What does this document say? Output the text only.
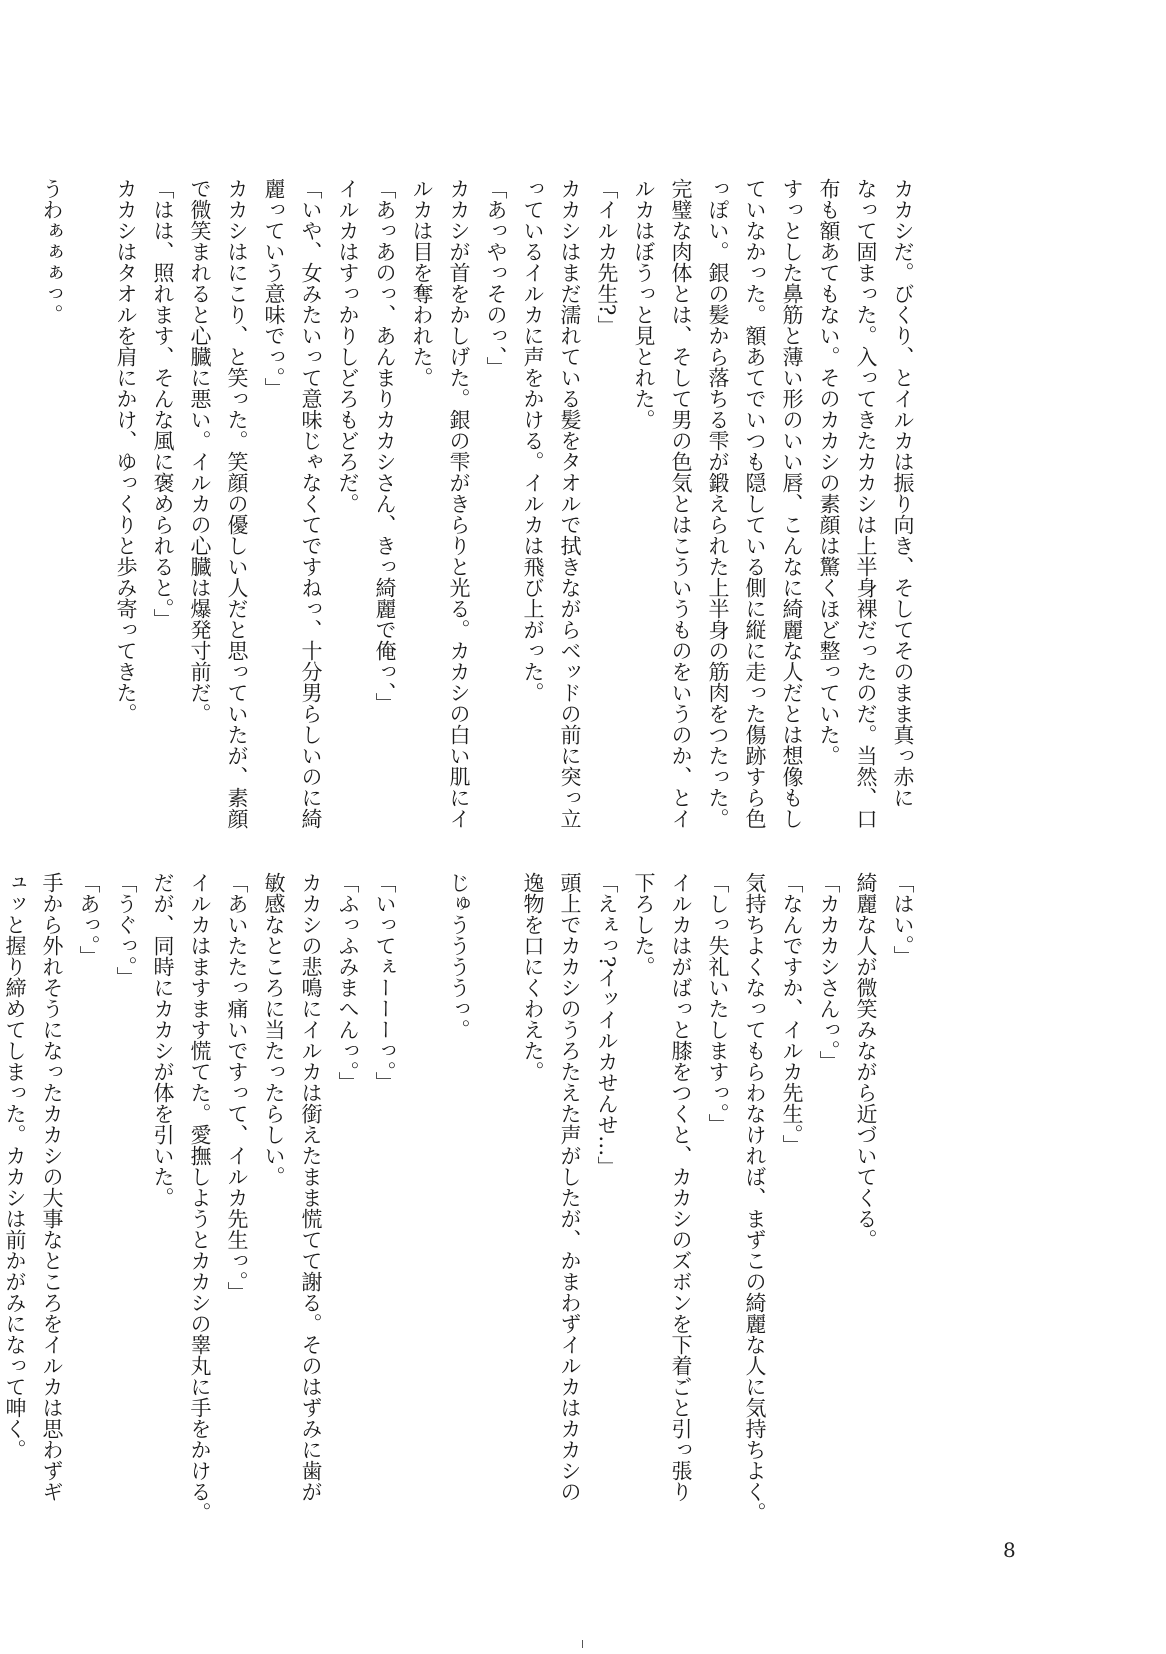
カカシだ。びくり、とイルカは振り向き、そしてそのまま真っ赤に
なって固まった。入ってきたカカシは上半身裸だったのだ。当然、口
布も額あてもない。そのカカシの素顔は驚くほど整っていた。
すっとした鼻筋と薄い形のいい唇、こんなに綺麗な人だとは想像もし
ていなかった。額あてでいつも隠している側に縦に走った傷跡すら色
っぽい。銀の髪から落ちる雫が鍛えられた上半身の筋肉をつたった。
完璧な肉体とは、そして男の色気とはこういうものをいうのか、とイ
ルカはぼうっと見とれた。
「イルカ先生?」
カカシはまだ濡れている髪をタオルで拭きながらベッドの前に突っ立
っているイルカに声をかける。イルカは飛び上がった。
「あっやっそのっ、」
カカシが首をかしげた。銀の雫がきらりと光る。カカシの白い肌にイ
ルカは目を奪われた。
「あっあのっ、あんまりカカシさん、きっ綺麗で俺っ、」
イルカはすっかりしどろもどろだ。
「いや、女みたいって意味じゃなくてですねっ、十分男らしいのに綺
麗っていう意味でっ。」
カカシはにこり、と笑った。笑顔の優しい人だと思っていたが、素顔
で微笑まれると心臓に悪い。イルカの心臓は爆発寸前だ。
「はは、照れます、そんな風に褒められると。」
カカシはタオルを肩にかけ、ゆっくりと歩み寄ってきた。

うわぁぁぁっ。

「はい。」
綺麗な人が微笑みながら近づいてくる。
「カカカシさんっ。」
「なんですか、イルカ先生。」
気持ちよくなってもらわなければ、まずこの綺麗な人に気持ちよく。
「しっ失礼いたしますっ。」
イルカはがばっと膝をつくと、カカシのズボンを下着ごと引っ張り
下ろした。
「えぇっ?イッイルカせんせ…」
頭上でカカシのうろたえた声がしたが、かまわずイルカはカカシの
逸物を口にくわえた。

じゅううううっ。

「いってぇーーーっ。」
「ふっふみまへんっ。」
カカシの悲鳴にイルカは銜えたまま慌てて謝る。そのはずみに歯が
敏感なところに当たったらしい。
「あいたたっ痛いですって、イルカ先生っ。」
イルカはますます慌てた。愛撫しようとカカシの睾丸に手をかける。
だが、同時にカカシが体を引いた。
「うぐっ。」
「あっ。」
手から外れそうになったカカシの大事なところをイルカは思わずギ
ュッと握り締めてしまった。カカシは前かがみになって呻く。
8
